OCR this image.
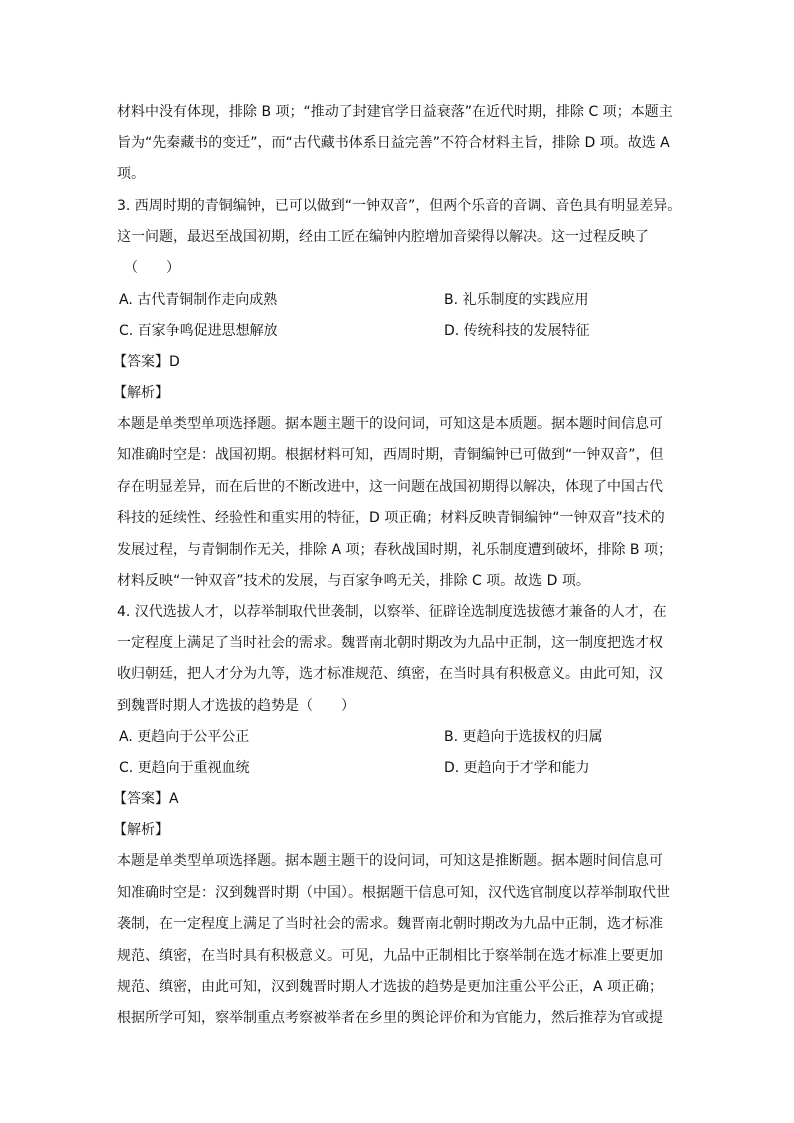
材料中没有体现，排除 B 项；“推动了封建官学日益衰落”在近代时期，排除 C 项；本题主
旨为“先秦藏书的变迁”，而“古代藏书体系日益完善”不符合材料主旨，排除 D 项。故选 A
项。
3. 西周时期的青铜编钟，已可以做到“一钟双音”，但两个乐音的音调、音色具有明显差异。
这一问题，最迟至战国初期，经由工匠在编钟内腔增加音梁得以解决。这一过程反映了
（　　）
A. 古代青铜制作走向成熟	B. 礼乐制度的实践应用
C. 百家争鸣促进思想解放	D. 传统科技的发展特征
【答案】D
【解析】
本题是单类型单项选择题。据本题主题干的设问词，可知这是本质题。据本题时间信息可
知准确时空是：战国初期。根据材料可知，西周时期，青铜编钟已可做到“一钟双音”，但
存在明显差异，而在后世的不断改进中，这一问题在战国初期得以解决，体现了中国古代
科技的延续性、经验性和重实用的特征，D 项正确；材料反映青铜编钟“一钟双音”技术的
发展过程，与青铜制作无关，排除 A 项；春秋战国时期，礼乐制度遭到破坏，排除 B 项；
材料反映“一钟双音”技术的发展，与百家争鸣无关，排除 C 项。故选 D 项。
4. 汉代选拔人才，以荐举制取代世袭制，以察举、征辟诠选制度选拔德才兼备的人才，在
一定程度上满足了当时社会的需求。魏晋南北朝时期改为九品中正制，这一制度把选才权
收归朝廷，把人才分为九等，选才标准规范、缜密，在当时具有积极意义。由此可知，汉
到魏晋时期人才选拔的趋势是（　　）
A. 更趋向于公平公正	B. 更趋向于选拔权的归属
C. 更趋向于重视血统	D. 更趋向于才学和能力
【答案】A
【解析】
本题是单类型单项选择题。据本题主题干的设问词，可知这是推断题。据本题时间信息可
知准确时空是：汉到魏晋时期（中国）。根据题干信息可知，汉代选官制度以荐举制取代世
袭制，在一定程度上满足了当时社会的需求。魏晋南北朝时期改为九品中正制，选才标准
规范、缜密，在当时具有积极意义。可见，九品中正制相比于察举制在选才标准上要更加
规范、缜密，由此可知，汉到魏晋时期人才选拔的趋势是更加注重公平公正，A 项正确；
根据所学可知，察举制重点考察被举者在乡里的舆论评价和为官能力，然后推荐为官或提
